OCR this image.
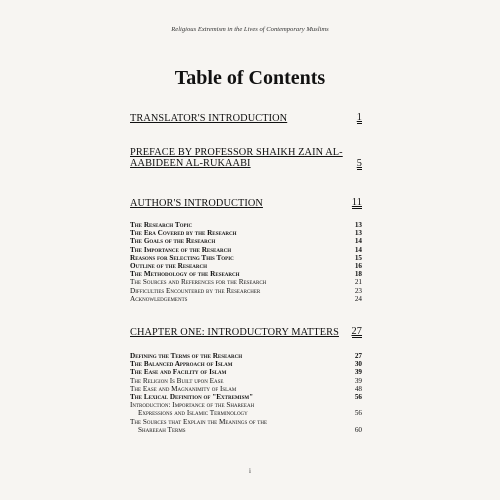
Religious Extremism in the Lives of Contemporary Muslims
Table of Contents
TRANSLATOR'S INTRODUCTION	1
PREFACE BY PROFESSOR SHAIKH ZAIN AL-
AABIDEEN AL-RUKAABI	5
AUTHOR'S INTRODUCTION	11
The Research Topic	13
The Era Covered by the Research	13
The Goals of the Research	14
The Importance of the Research	14
Reasons for Selecting This Topic	15
Outline of the Research	16
The Methodology of the Research	18
The Sources and References for the Research	21
Difficulties Encountered by the Researcher	23
Acknowledgements	24
CHAPTER ONE: INTRODUCTORY MATTERS 27
Defining the Terms of the Research	27
The Balanced Approach of Islam	30
The Ease and Facility of Islam	39
The Religion Is Built upon Ease	39
The Ease and Magnanimity of Islam	48
The Lexical Definition of "Extremism"	56
Introduction: Importance of the Shareeah
Expressions and Islamic Terminology	56
The Sources that Explain the Meanings of the
Shareeah Terms	60
i
